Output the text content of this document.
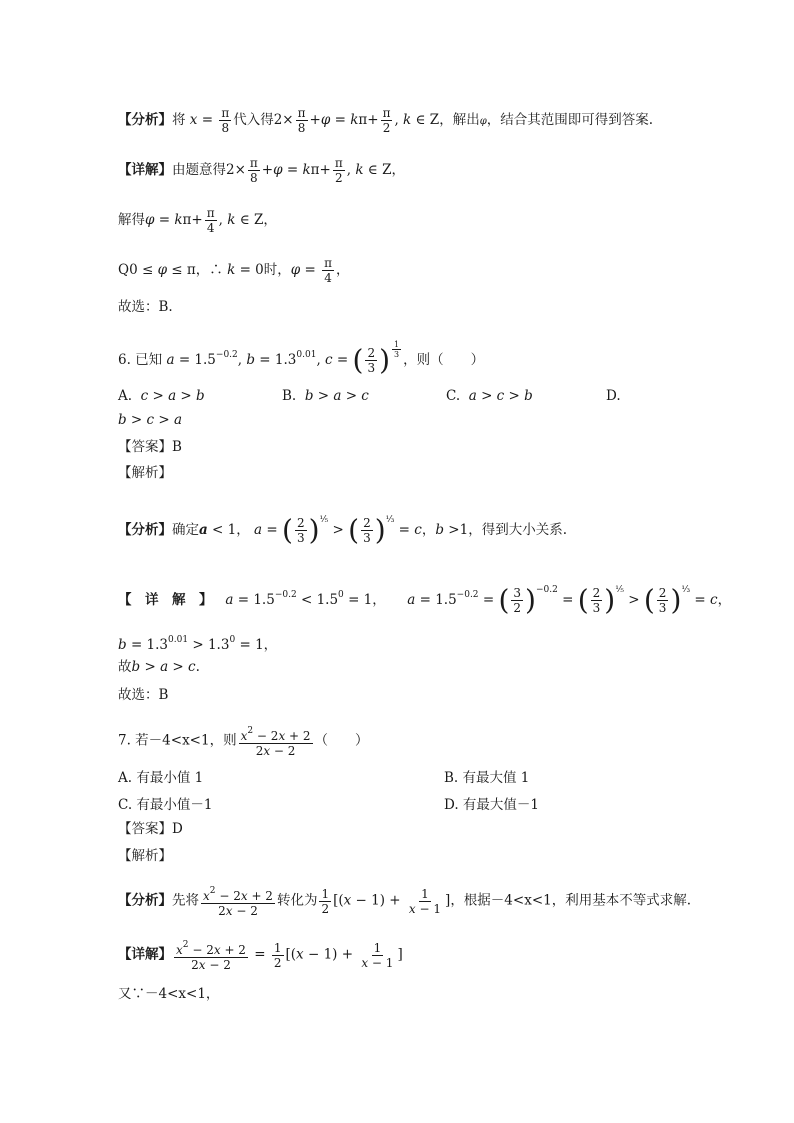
【分析】将 $x = \frac{\pi}{8}$ 代入得$2\times \frac{\pi}{8} +\varphi = k\pi+ \frac{\pi}{2}$ , k ∈ Z，解出φ，结合其范围即可得到答案.
【详解】由题意得$2\times \frac{\pi}{8} +\varphi = k\pi+ \frac{\pi}{2}$ , k ∈ Z，
解得$\varphi = k\pi+ \frac{\pi}{4}$ , k ∈ Z，
Q0 ≤ φ ≤ π，∴ k = 0时，$\varphi = \frac{\pi}{4}$ ，
故选：B.
6. 已知 $a = 1.5^{-0.2}$, $b = 1.3^{0.01}$, c = ( $\frac{2}{3}$ ) $^{\frac{1}{3}}$
，则（　　）
A. c > a > b	B. b > a > c	C. a > c > b	D.
b > c > a
【答案】B
【解析】
【分析】确定a < 1， a = ( $\frac{2}{3} )^{^1⁄_5}$ > ( $\frac{2}{3} )^{^1⁄_3} = c$，b >1，得到大小关系.
【　详　解　】 $a = 1.5^{-0.2} < 1.5^0 = 1$， $a = 1.5^{-0.2}$ = ( $\frac{3}{2} )^{-0.2}$ = ( $\frac{2}{3} )^{^1⁄_5}$ > ( $\frac{2}{3} )^{^1⁄_3} = c$，
$b = 1.3^{0.01} > 1.3^0 = 1$，
故b > a > c.
故选：B
7. 若－4<x<1，则 $\frac{x^2 - 2x + 2}{2x - 2}$ （　　）
A. 有最小值 1	B. 有最大值 1
C. 有最小值－1	D. 有最大值－1
【答案】D
【解析】
【分析】先将 $\frac{x^2 - 2x + 2}{2x - 2}$ 转化为 $\frac{1}{2} [(x - 1) + \frac{1}{x - 1}$ ]，根据－4<x<1，利用基本不等式求解.
【详解】 $\frac{x^2 - 2x + 2}{2x - 2} = \frac{1}{2} [(x - 1) + \frac{1}{x - 1}$ ]
又∵－4<x<1，
